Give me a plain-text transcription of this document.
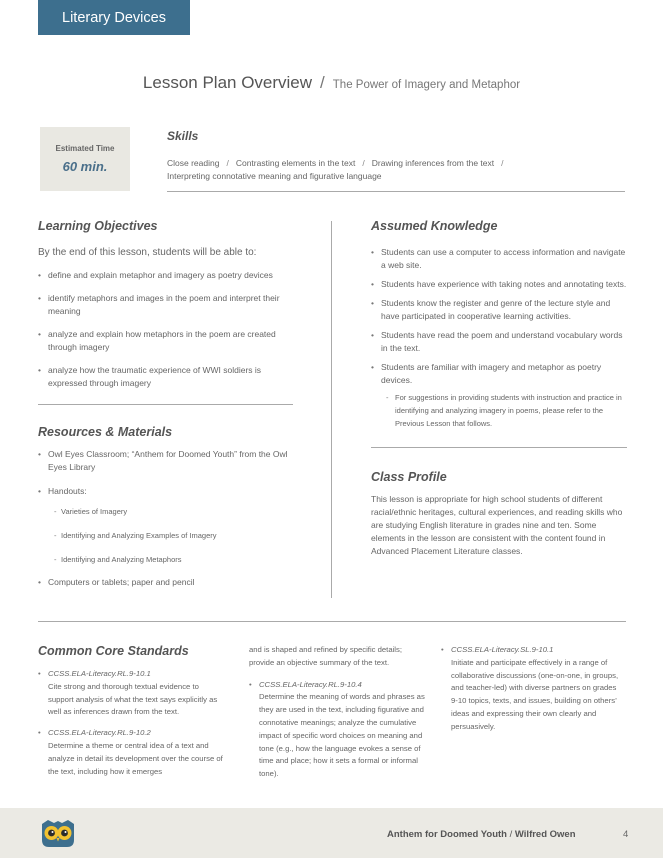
Literary Devices
Lesson Plan Overview / The Power of Imagery and Metaphor
Estimated Time
60 min.
Skills
Close reading / Contrasting elements in the text / Drawing inferences from the text /
Interpreting connotative meaning and figurative language
Learning Objectives
By the end of this lesson, students will be able to:
• define and explain metaphor and imagery as poetry devices
• identify metaphors and images in the poem and interpret their meaning
• analyze and explain how metaphors in the poem are created through imagery
• analyze how the traumatic experience of WWI soldiers is expressed through imagery
Resources & Materials
• Owl Eyes Classroom; “Anthem for Doomed Youth” from the Owl Eyes Library
• Handouts:
- Varieties of Imagery
- Identifying and Analyzing Examples of Imagery
- Identifying and Analyzing Metaphors
• Computers or tablets; paper and pencil
Assumed Knowledge
• Students can use a computer to access information and navigate a web site.
• Students have experience with taking notes and annotating texts.
• Students know the register and genre of the lecture style and have participated in cooperative learning activities.
• Students have read the poem and understand vocabulary words in the text.
• Students are familiar with imagery and metaphor as poetry devices.
- For suggestions in providing students with instruction and practice in identifying and analyzing imagery in poems, please refer to the Previous Lesson that follows.
Class Profile

This lesson is appropriate for high school students of different racial/ethnic heritages, cultural experiences, and reading skills who are studying English literature in grades nine and ten. Some elements in the lesson are consistent with the content found in Advanced Placement Literature classes.

Common Core Standards
• CCSS.ELA-Literacy.RL.9-10.1
Cite strong and thorough textual evidence to support analysis of what the text says explicitly as well as inferences drawn from the text.
• CCSS.ELA-Literacy.RL.9-10.2
Determine a theme or central idea of a text and analyze in detail its development over the course of the text, including how it emerges
and is shaped and refined by specific details; provide an objective summary of the text.
• CCSS.ELA-Literacy.RL.9-10.4
Determine the meaning of words and phrases as they are used in the text, including figurative and connotative meanings; analyze the cumulative impact of specific word choices on meaning and tone (e.g., how the language evokes a sense of time and place; how it sets a formal or informal tone).
• CCSS.ELA-Literacy.SL.9-10.1
Initiate and participate effectively in a range of collaborative discussions (one-on-one, in groups, and teacher-led) with diverse partners on grades 9-10 topics, texts, and issues, building on others’ ideas and expressing their own clearly and persuasively.
Anthem for Doomed Youth / Wilfred Owen	4
